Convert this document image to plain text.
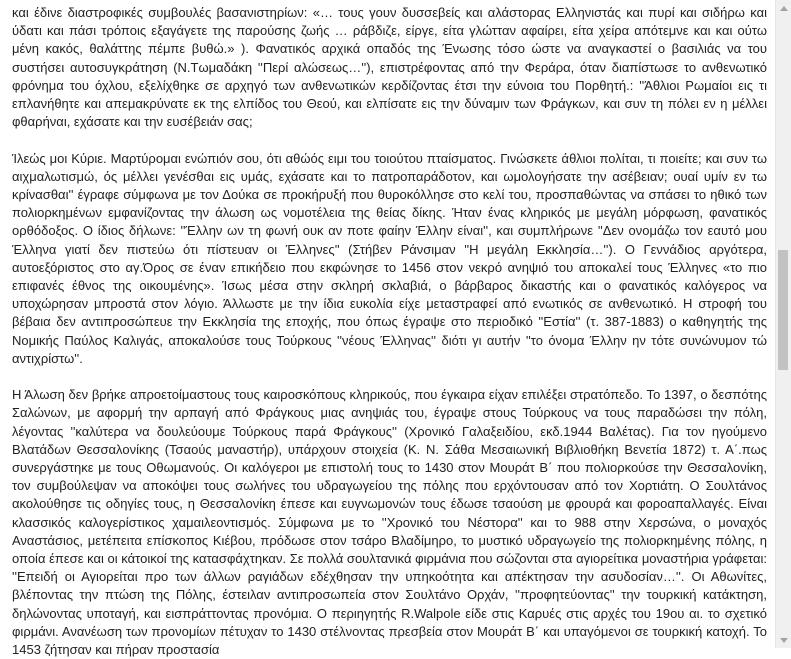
και έδινε διαστροφικές συμβουλές βασανιστηρίων: «… τους γουν δυσσεβείς και αλάστορας Ελληνιστάς και πυρί και σιδήρω και ύδατι και πάσι τρόποις εξαγάγετε της παρούσης ζωής … ράβδιζε, είργε, είτα γλώτταν αφαίρει, είτα χείρα απότεμνε και και ούτω μένη κακός, θαλάττης πέμπε βυθώ.» ). Φανατικός αρχικά οπαδός της Ένωσης τόσο ώστε να αναγκαστεί ο βασιλιάς να του συστήσει αυτοσυγκράτηση (Ν.Τωμαδάκη ''Περί αλώσεως…''), επιστρέφοντας από την Φεράρα, όταν διαπίστωσε το ανθενωτικό φρόνημα του όχλου, εξελίχθηκε σε αρχηγό των ανθενωτικών κερδίζοντας έτσι την εύνοια του Πορθητή.: ''Άθλιοι Ρωμαίοι εις τι επλανήθητε και απεμακρύνατε εκ της ελπίδος του Θεού, και ελπίσατε εις την δύναμιν των Φράγκων, και συν τη πόλει εν η μέλλει φθαρήναι, εχάσατε και την ευσέβειάν σας;

Ίλεώς μοι Κύριε. Μαρτύρομαι ενώπιόν σου, ότι αθώός ειμι του τοιούτου πταίσματος. Γινώσκετε άθλιοι πολίται, τι ποιείτε; και συν τω αιχμαλωτισμώ, ός μέλλει γενέσθαι εις υμάς, εχάσατε και το πατροπαράδοτον, και ωμολογήσατε την ασέβειαν; ουαί υμίν εν τω κρίνασθαι'' έγραφε σύμφωνα με τον Δούκα σε προκήρυξή που θυροκόλλησε στο κελί του, προσπαθώντας να σπάσει το ηθικό των πολιορκημένων εμφανίζοντας την άλωση ως νομοτέλεια της θείας δίκης. Ήταν ένας κληρικός με μεγάλη μόρφωση, φανατικός ορθόδοξος. Ο ίδιος δήλωνε: ''Έλλην ων τη φωνή ουκ αν ποτε φαίην Έλλην είναι'', και συμπλήρωνε ''Δεν ονομάζω τον εαυτό μου Έλληνα γιατί δεν πιστεύω ότι πίστευαν οι Έλληνες'' (Στήβεν Ράνσιμαν ''Η μεγάλη Εκκλησία…''). Ο Γεννάδιος αργότερα, αυτοεξόριστος στο αγ.Όρος σε έναν επικήδειο που εκφώνησε το 1456 στον νεκρό ανηψιό του αποκαλεί τους Έλληνες «το πιο επιφανές έθνος της οικουμένης». Ίσως μέσα στην σκληρή σκλαβιά, ο βάρβαρος δικαστής και ο φανατικός καλόγερος να υποχώρησαν μπροστά στον λόγιο. Άλλωστε με την ίδια ευκολία είχε μεταστραφεί από ενωτικός σε ανθενωτικό. Η στροφή του βέβαια δεν αντιπροσώπευε την Εκκλησία της εποχής, που όπως έγραψε στο περιοδικό ''Εστία'' (τ. 387-1883) ο καθηγητής της Νομικής Παύλος Καλιγάς, αποκαλούσε τους Τούρκους ''νέους Έλληνας'' διότι γι αυτήν ''το όνομα Έλλην ην τότε συνώνυμον τώ αντιχρίστω''.

Η Άλωση δεν βρήκε απροετοίμαστους τους καιροσκόπους κληρικούς, που έγκαιρα είχαν επιλέξει στρατόπεδο. Το 1397, ο δεσπότης Σαλώνων, με αφορμή την αρπαγή από Φράγκους μιας ανηψιάς του, έγραψε στους Τούρκους να τους παραδώσει την πόλη, λέγοντας ''καλύτερα να δουλεύουμε Τούρκους παρά Φράγκους'' (Χρονικό Γαλαξειδίου, εκδ.1944 Βαλέτας). Για τον ηγούμενο Βλατάδων Θεσσαλονίκης (Τσαούς μαναστήρ), υπάρχουν στοιχεία (Κ. Ν. Σάθα Μεσαιωνική Βιβλιοθήκη Βενετία 1872) τ. Α΄.πως συνεργάστηκε με τους Οθωμανούς. Οι καλόγεροι με επιστολή τους το 1430 στον Μουράτ Β΄ που πολιορκούσε την Θεσσαλονίκη, τον συμβούλεψαν να αποκόψει τους σωλήνες του υδραγωγείου της πόλης που ερχόντουσαν από τον Χορτιάτη. Ο Σουλτάνος ακολούθησε τις οδηγίες τους, η Θεσσαλονίκη έπεσε και ευγνωμονών τους έδωσε τσαούση με φρουρά και φοροαπαλλαγές. Είναι κλασσικός καλογερίστικος χαμαιλεοντισμός. Σύμφωνα με το ''Χρονικό του Νέστορα'' και το 988 στην Χερσώνα, ο μοναχός Αναστάσιος, μετέπειτα επίσκοπος Κιέβου, πρόδωσε στον τσάρο Βλαδίμηρο, το μυστικό υδραγωγείο της πολιορκημένης πόλης, η οποία έπεσε και οι κάτοικοί της κατασφάχτηκαν. Σε πολλά σουλτανικά φιρμάνια που σώζονται στα αγιορείτικα μοναστήρια γράφεται: ''Επειδή οι Αγιορείται προ των άλλων ραγιάδων εδέχθησαν την υπηκοότητα και απέκτησαν την ασυδοσίαν…''. Οι Αθωνίτες, βλέποντας την πτώση της Πόλης, έστειλαν αντιπροσωπεία στον Σουλτάνο Ορχάν, ''προφητεύοντας'' την τουρκική κατάκτηση, δηλώνοντας υποταγή, και εισπράττοντας προνόμια. Ο περιηγητής R.Walpole είδε στις Καρυές στις αρχές του 19ου αι. το σχετικό φιρμάνι. Ανανέωση των προνομίων πέτυχαν το 1430 στέλνοντας πρεσβεία στον Μουράτ Β΄ και υπαγόμενοι σε τουρκική κατοχή. Το 1453 ζήτησαν και πήραν προστασία
